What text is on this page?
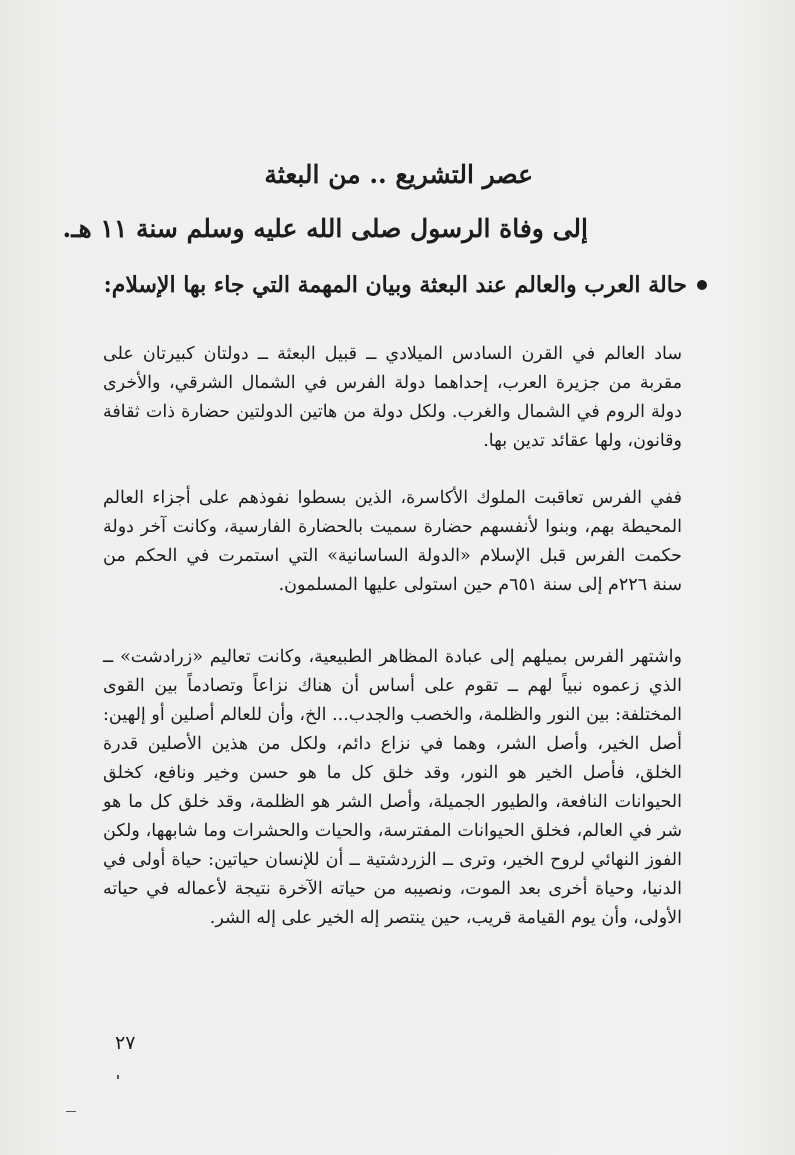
عصر التشريع .. من البعثة
إلى وفاة الرسول صلى الله عليه وسلم سنة ١١ هـ.
حالة العرب والعالم عند البعثة وبيان المهمة التي جاء بها الإسلام:

ساد العالم في القرن السادس الميلادي ــ قبيل البعثة ــ دولتان كبيرتان على مقربة من جزيرة العرب، إحداهما دولة الفرس في الشمال الشرقي، والأخرى دولة الروم في الشمال والغرب. ولكل دولة من هاتين الدولتين حضارة ذات ثقافة وقانون، ولها عقائد تدين بها.

ففي الفرس تعاقبت الملوك الأكاسرة، الذين بسطوا نفوذهم على أجزاء العالم المحيطة بهم، وبنوا لأنفسهم حضارة سميت بالحضارة الفارسية، وكانت آخر دولة حكمت الفرس قبل الإسلام «الدولة الساسانية» التي استمرت في الحكم من سنة ٢٢٦م إلى سنة ٦٥١م حين استولى عليها المسلمون.

واشتهر الفرس بميلهم إلى عبادة المظاهر الطبيعية، وكانت تعاليم «زرادشت» ــ الذي زعموه نبياً لهم ــ تقوم على أساس أن هناك نزاعاً وتصادماً بين القوى المختلفة: بين النور والظلمة، والخصب والجدب... الخ، وأن للعالم أصلين أو إلهين: أصل الخير، وأصل الشر، وهما في نزاع دائم، ولكل من هذين الأصلين قدرة الخلق، فأصل الخير هو النور، وقد خلق كل ما هو حسن وخير ونافع، كخلق الحيوانات النافعة، والطيور الجميلة، وأصل الشر هو الظلمة، وقد خلق كل ما هو شر في العالم، فخلق الحيوانات المفترسة، والحيات والحشرات وما شابهها، ولكن الفوز النهائي لروح الخير، وترى ــ الزردشتية ــ أن للإنسان حياتين: حياة أولى في الدنيا، وحياة أخرى بعد الموت، ونصيبه من حياته الآخرة نتيجة لأعماله في حياته الأولى، وأن يوم القيامة قريب، حين ينتصر إله الخير على إله الشر.

٢٧
